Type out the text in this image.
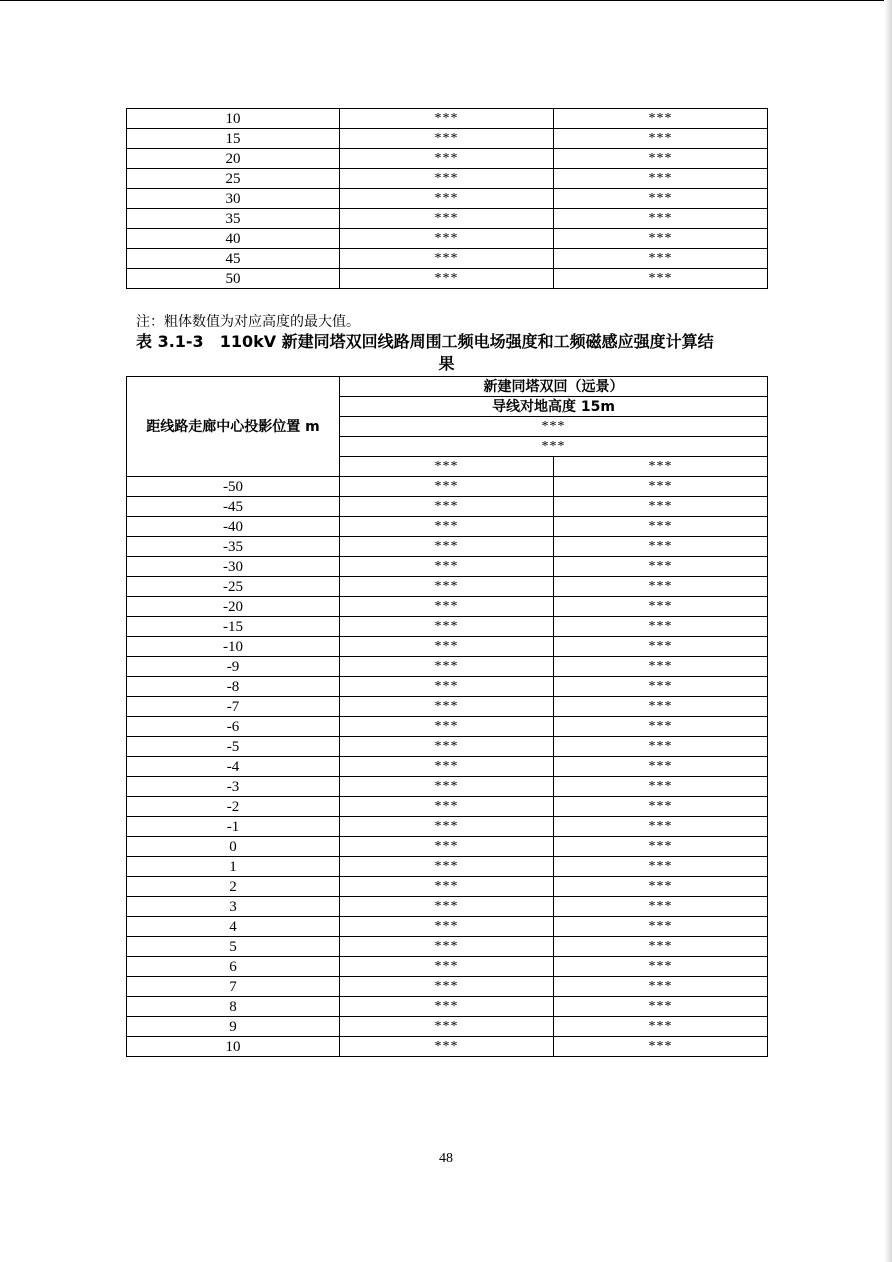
10	***	***
15	***	***
20	***	***
25	***	***
30	***	***
35	***	***
40	***	***
45	***	***
50	***	***
注：粗体数值为对应高度的最大值。
表 3.1-3　110kV 新建同塔双回线路周围工频电场强度和工频磁感应强度计算结
果
距线路走廊中心投影位置 m	新建同塔双回（远景）	
	导线对地高度 15m	
	***	
	***	
	***	***
-50	***	***
-45	***	***
-40	***	***
-35	***	***
-30	***	***
-25	***	***
-20	***	***
-15	***	***
-10	***	***
-9	***	***
-8	***	***
-7	***	***
-6	***	***
-5	***	***
-4	***	***
-3	***	***
-2	***	***
-1	***	***
0	***	***
1	***	***
2	***	***
3	***	***
4	***	***
5	***	***
6	***	***
7	***	***
8	***	***
9	***	***
10	***	***
48
